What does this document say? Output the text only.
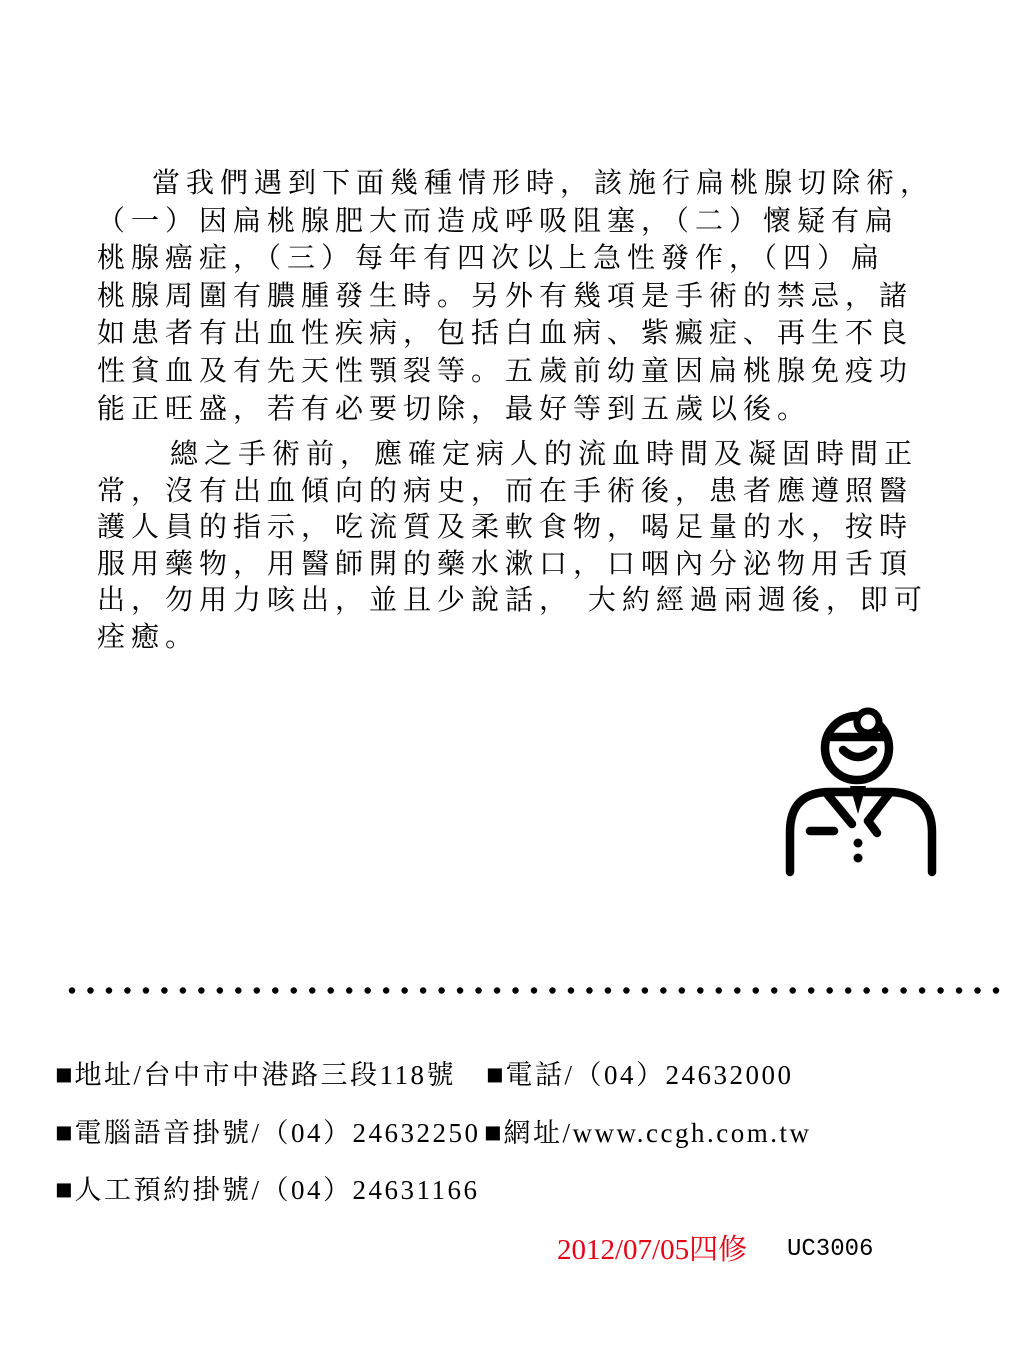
當我們遇到下面幾種情形時，該施行扁桃腺切除術，
（一）因扁桃腺肥大而造成呼吸阻塞，（二）懷疑有扁
桃腺癌症，（三）每年有四次以上急性發作，（四）扁
桃腺周圍有膿腫發生時。另外有幾項是手術的禁忌，諸
如患者有出血性疾病，包括白血病、紫癜症、再生不良
性貧血及有先天性顎裂等。五歲前幼童因扁桃腺免疫功
能正旺盛，若有必要切除，最好等到五歲以後。
總之手術前，應確定病人的流血時間及凝固時間正
常，沒有出血傾向的病史，而在手術後，患者應遵照醫
護人員的指示，吃流質及柔軟食物，喝足量的水，按時
服用藥物，用醫師開的藥水漱口，口咽內分泌物用舌頂
出，勿用力咳出，並且少說話， 大約經過兩週後，即可
痊癒。
■地址/台中市中港路三段118號 ■電話/（04）24632000
■電腦語音掛號/（04）24632250 ■網址/www.ccgh.com.tw
■人工預約掛號/（04）24631166
2012/07/05四修 UC3006
